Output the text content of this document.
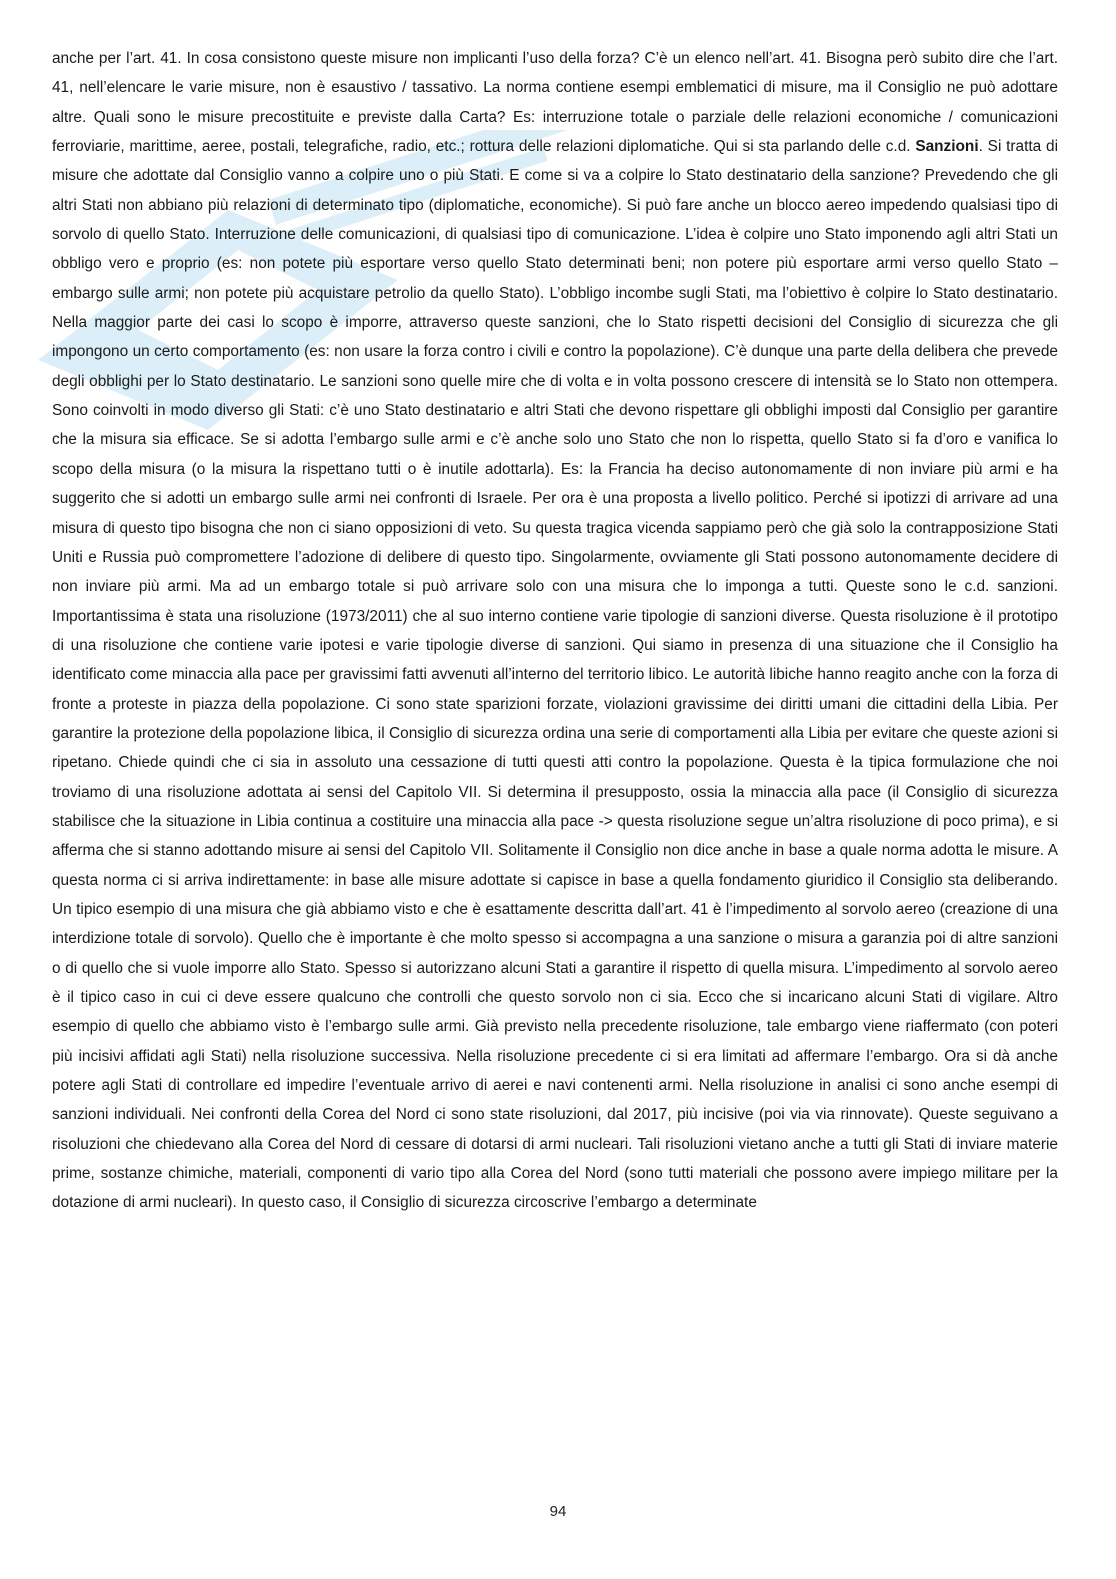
anche per l’art. 41. In cosa consistono queste misure non implicanti l’uso della forza? C’è un elenco nell’art. 41. Bisogna però subito dire che l’art. 41, nell’elencare le varie misure, non è esaustivo / tassativo. La norma contiene esempi emblematici di misure, ma il Consiglio ne può adottare altre. Quali sono le misure precostituite e previste dalla Carta? Es: interruzione totale o parziale delle relazioni economiche / comunicazioni ferroviarie, marittime, aeree, postali, telegrafiche, radio, etc.; rottura delle relazioni diplomatiche. Qui si sta parlando delle c.d. Sanzioni. Si tratta di misure che adottate dal Consiglio vanno a colpire uno o più Stati. E come si va a colpire lo Stato destinatario della sanzione? Prevedendo che gli altri Stati non abbiano più relazioni di determinato tipo (diplomatiche, economiche). Si può fare anche un blocco aereo impedendo qualsiasi tipo di sorvolo di quello Stato. Interruzione delle comunicazioni, di qualsiasi tipo di comunicazione. L’idea è colpire uno Stato imponendo agli altri Stati un obbligo vero e proprio (es: non potete più esportare verso quello Stato determinati beni; non potere più esportare armi verso quello Stato – embargo sulle armi; non potete più acquistare petrolio da quello Stato). L’obbligo incombe sugli Stati, ma l’obiettivo è colpire lo Stato destinatario. Nella maggior parte dei casi lo scopo è imporre, attraverso queste sanzioni, che lo Stato rispetti decisioni del Consiglio di sicurezza che gli impongono un certo comportamento (es: non usare la forza contro i civili e contro la popolazione). C’è dunque una parte della delibera che prevede degli obblighi per lo Stato destinatario. Le sanzioni sono quelle mire che di volta e in volta possono crescere di intensità se lo Stato non ottempera. Sono coinvolti in modo diverso gli Stati: c’è uno Stato destinatario e altri Stati che devono rispettare gli obblighi imposti dal Consiglio per garantire che la misura sia efficace. Se si adotta l’embargo sulle armi e c’è anche solo uno Stato che non lo rispetta, quello Stato si fa d’oro e vanifica lo scopo della misura (o la misura la rispettano tutti o è inutile adottarla). Es: la Francia ha deciso autonomamente di non inviare più armi e ha suggerito che si adotti un embargo sulle armi nei confronti di Israele. Per ora è una proposta a livello politico. Perché si ipotizzi di arrivare ad una misura di questo tipo bisogna che non ci siano opposizioni di veto. Su questa tragica vicenda sappiamo però che già solo la contrapposizione Stati Uniti e Russia può compromettere l’adozione di delibere di questo tipo. Singolarmente, ovviamente gli Stati possono autonomamente decidere di non inviare più armi. Ma ad un embargo totale si può arrivare solo con una misura che lo imponga a tutti. Queste sono le c.d. sanzioni. Importantissima è stata una risoluzione (1973/2011) che al suo interno contiene varie tipologie di sanzioni diverse. Questa risoluzione è il prototipo di una risoluzione che contiene varie ipotesi e varie tipologie diverse di sanzioni. Qui siamo in presenza di una situazione che il Consiglio ha identificato come minaccia alla pace per gravissimi fatti avvenuti all’interno del territorio libico. Le autorità libiche hanno reagito anche con la forza di fronte a proteste in piazza della popolazione. Ci sono state sparizioni forzate, violazioni gravissime dei diritti umani die cittadini della Libia. Per garantire la protezione della popolazione libica, il Consiglio di sicurezza ordina una serie di comportamenti alla Libia per evitare che queste azioni si ripetano. Chiede quindi che ci sia in assoluto una cessazione di tutti questi atti contro la popolazione. Questa è la tipica formulazione che noi troviamo di una risoluzione adottata ai sensi del Capitolo VII. Si determina il presupposto, ossia la minaccia alla pace (il Consiglio di sicurezza stabilisce che la situazione in Libia continua a costituire una minaccia alla pace -> questa risoluzione segue un’altra risoluzione di poco prima), e si afferma che si stanno adottando misure ai sensi del Capitolo VII. Solitamente il Consiglio non dice anche in base a quale norma adotta le misure. A questa norma ci si arriva indirettamente: in base alle misure adottate si capisce in base a quella fondamento giuridico il Consiglio sta deliberando. Un tipico esempio di una misura che già abbiamo visto e che è esattamente descritta dall’art. 41 è l’impedimento al sorvolo aereo (creazione di una interdizione totale di sorvolo). Quello che è importante è che molto spesso si accompagna a una sanzione o misura a garanzia poi di altre sanzioni o di quello che si vuole imporre allo Stato. Spesso si autorizzano alcuni Stati a garantire il rispetto di quella misura. L’impedimento al sorvolo aereo è il tipico caso in cui ci deve essere qualcuno che controlli che questo sorvolo non ci sia. Ecco che si incaricano alcuni Stati di vigilare. Altro esempio di quello che abbiamo visto è l’embargo sulle armi. Già previsto nella precedente risoluzione, tale embargo viene riaffermato (con poteri più incisivi affidati agli Stati) nella risoluzione successiva. Nella risoluzione precedente ci si era limitati ad affermare l’embargo. Ora si dà anche potere agli Stati di controllare ed impedire l’eventuale arrivo di aerei e navi contenenti armi. Nella risoluzione in analisi ci sono anche esempi di sanzioni individuali. Nei confronti della Corea del Nord ci sono state risoluzioni, dal 2017, più incisive (poi via via rinnovate). Queste seguivano a risoluzioni che chiedevano alla Corea del Nord di cessare di dotarsi di armi nucleari. Tali risoluzioni vietano anche a tutti gli Stati di inviare materie prime, sostanze chimiche, materiali, componenti di vario tipo alla Corea del Nord (sono tutti materiali che possono avere impiego militare per la dotazione di armi nucleari). In questo caso, il Consiglio di sicurezza circoscrive l’embargo a determinate

94
